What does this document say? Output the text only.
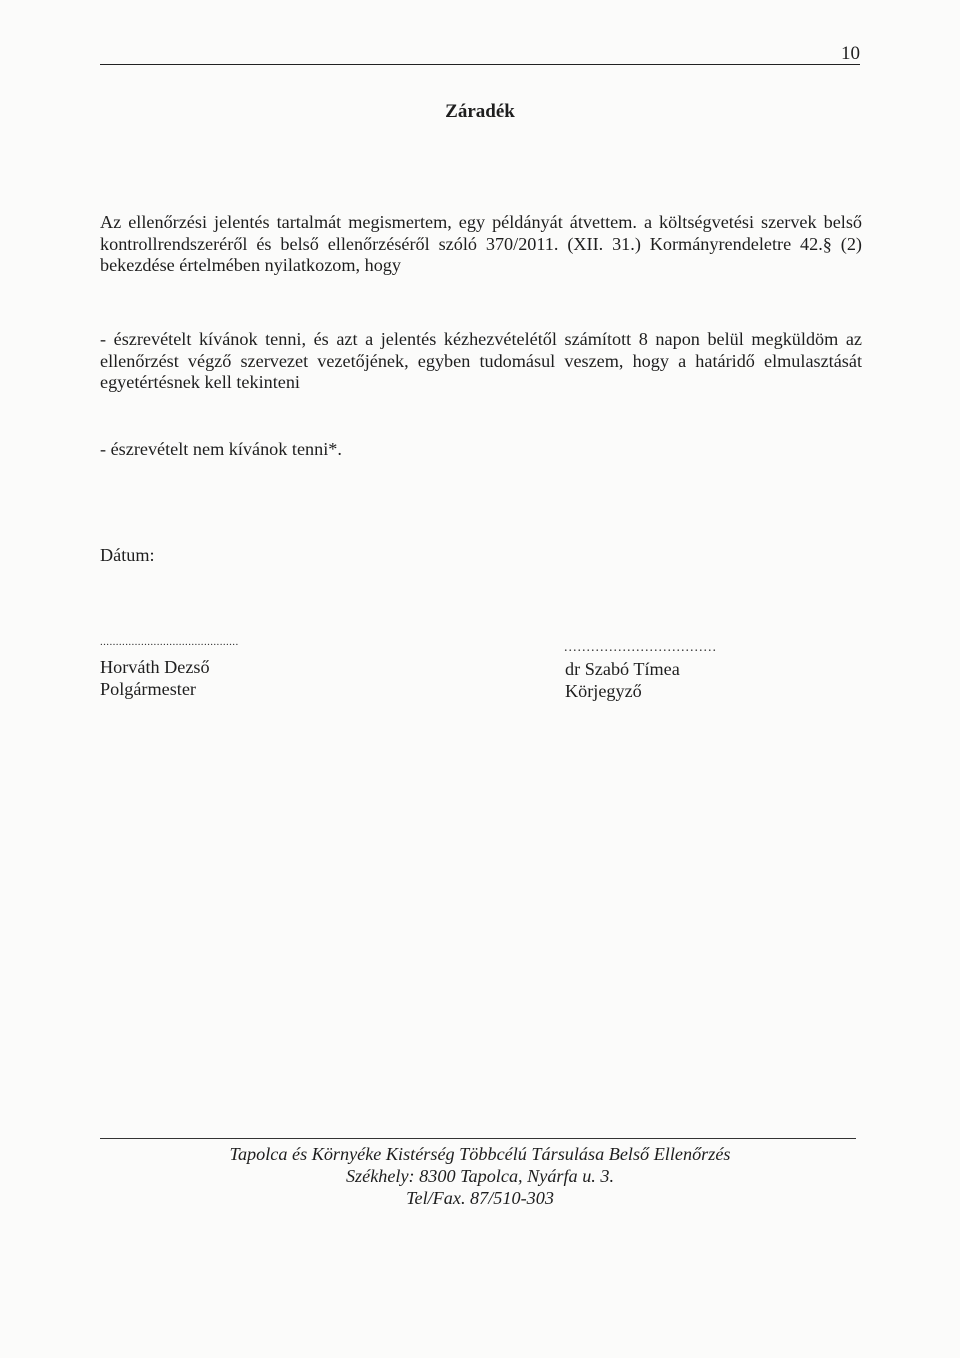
10
Záradék

Az ellenőrzési jelentés tartalmát megismertem, egy példányát átvettem. a költségvetési szervek belső kontrollrendszeréről és belső ellenőrzéséről szóló 370/2011. (XII. 31.) Kormányrendeletre 42.§ (2) bekezdése értelmében nyilatkozom, hogy

- észrevételt kívánok tenni, és azt a jelentés kézhezvételétől számított 8 napon belül megküldöm az ellenőrzést végző szervezet vezetőjének, egyben tudomásul veszem, hogy a határidő elmulasztását egyetértésnek kell tekinteni

- észrevételt nem kívánok tenni*.

Dátum:
............................................
Horváth Dezső
Polgármester
..................................
dr Szabó Tímea
Körjegyző
Tapolca és Környéke Kistérség Többcélú Társulása Belső Ellenőrzés
Székhely: 8300 Tapolca, Nyárfa u. 3.
Tel/Fax. 87/510-303
